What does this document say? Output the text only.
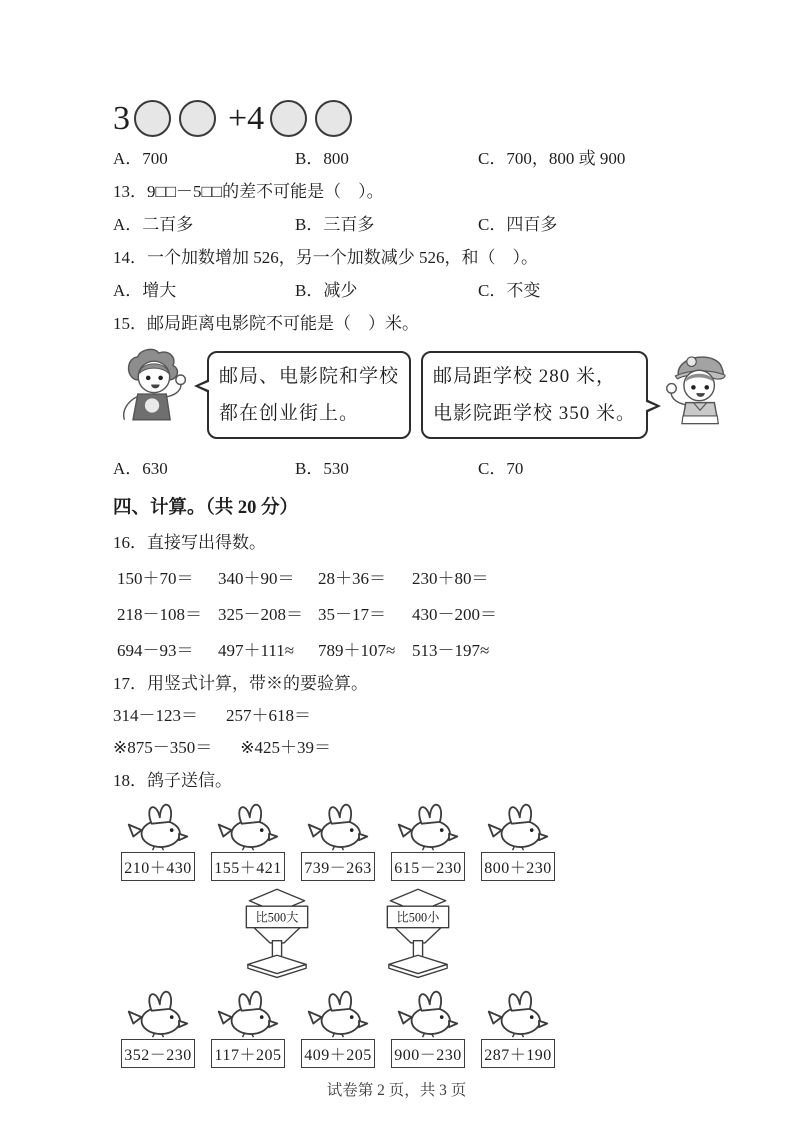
3	+4
A．700	B．800	C．700，800 或 900
13．9□□－5□□的差不可能是（　）。
A．二百多	B．三百多	C．四百多
14．一个加数增加 526，另一个加数减少 526，和（　）。
A．增大	B．减少	C．不变
15．邮局距离电影院不可能是（　）米。
邮局、电影院和学校
都在创业街上。
邮局距学校 280 米，
电影院距学校 350 米。
A．630	B．530	C．70
四、计算。（共 20 分）
16．直接写出得数。
150＋70＝	340＋90＝	28＋36＝	230＋80＝
218－108＝ 325－208＝ 35－17＝	430－200＝
694－93＝	497＋111≈	789＋107≈ 513－197≈
17．用竖式计算，带※的要验算。
314－123＝ 257＋618＝
※875－350＝ ※425＋39＝
18．鸽子送信。
210＋430 155＋421 739－263 615－230 800＋230
比500大	比500小
352－230 117＋205 409＋205 900－230 287＋190
试卷第 2 页，共 3 页
